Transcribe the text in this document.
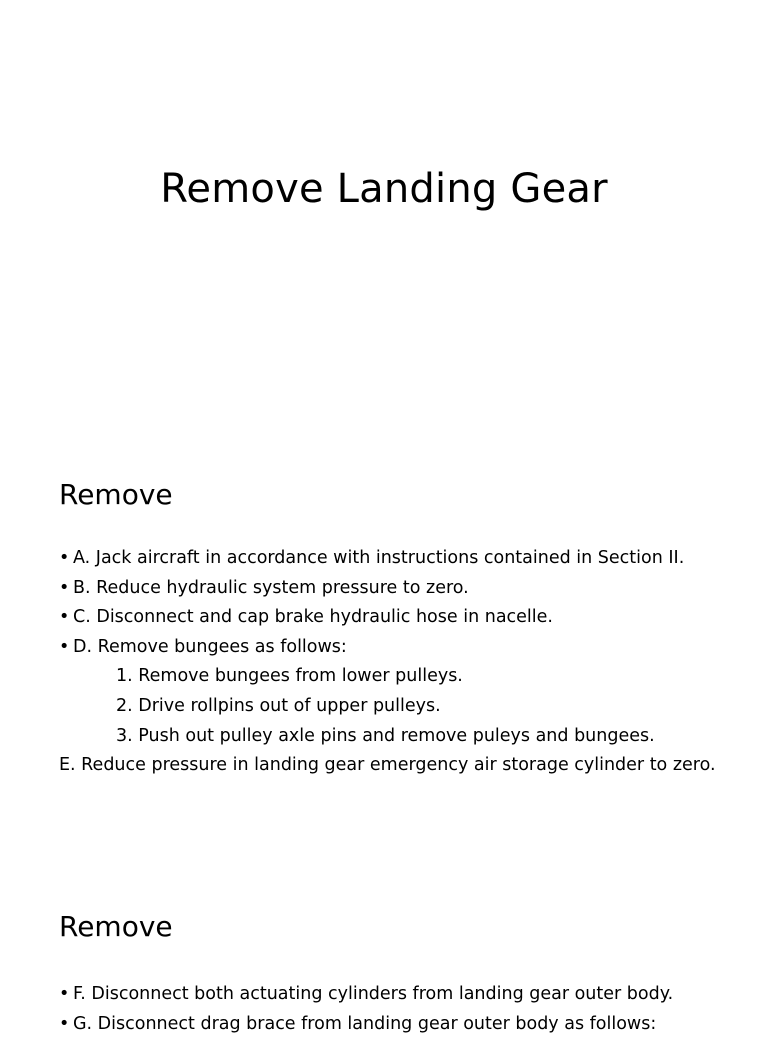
Remove Landing Gear
Remove
• A. Jack aircraft in accordance with instructions contained in Section II.
• B. Reduce hydraulic system pressure to zero.
• C. Disconnect and cap brake hydraulic hose in nacelle.
• D. Remove bungees as follows:
1. Remove bungees from lower pulleys.
2. Drive rollpins out of upper pulleys.
3. Push out pulley axle pins and remove puleys and bungees.
E. Reduce pressure in landing gear emergency air storage cylinder to zero.
Remove
• F. Disconnect both actuating cylinders from landing gear outer body.
• G. Disconnect drag brace from landing gear outer body as follows:
